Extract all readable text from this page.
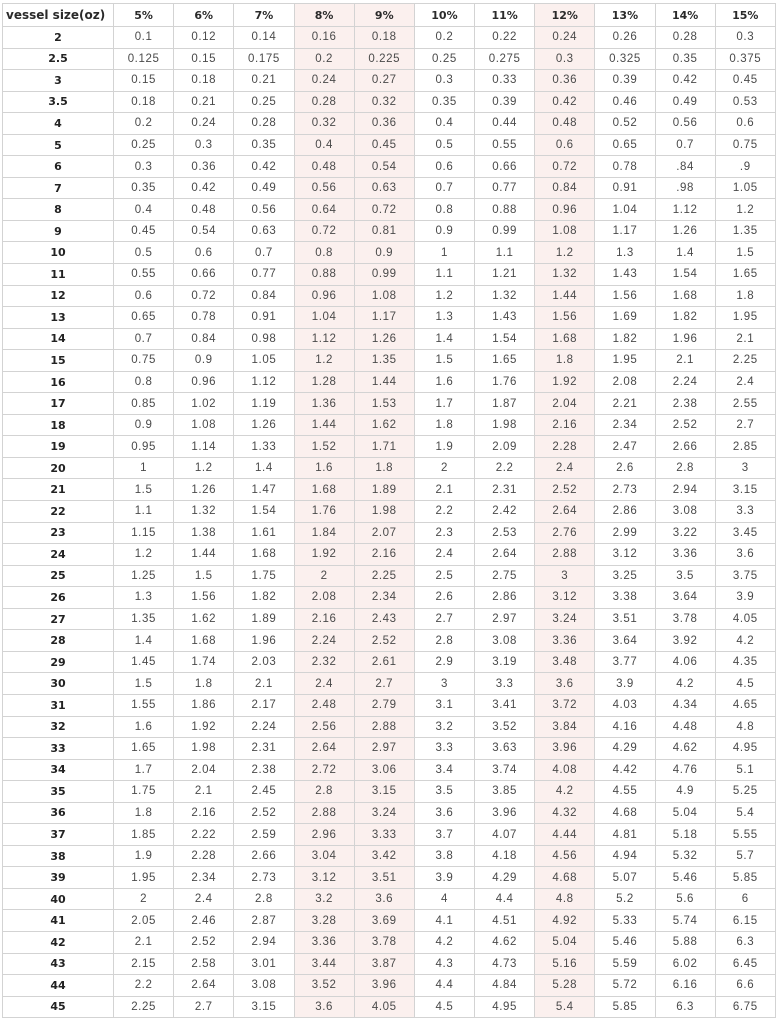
vessel size(oz)	5%	6%	7%	8%	9%	10%	11%	12%	13%	14%	15%
2	0.1	0.12	0.14	0.16	0.18	0.2	0.22	0.24	0.26	0.28	0.3
2.5	0.125	0.15	0.175	0.2	0.225	0.25	0.275	0.3	0.325	0.35	0.375
3	0.15	0.18	0.21	0.24	0.27	0.3	0.33	0.36	0.39	0.42	0.45
3.5	0.18	0.21	0.25	0.28	0.32	0.35	0.39	0.42	0.46	0.49	0.53
4	0.2	0.24	0.28	0.32	0.36	0.4	0.44	0.48	0.52	0.56	0.6
5	0.25	0.3	0.35	0.4	0.45	0.5	0.55	0.6	0.65	0.7	0.75
6	0.3	0.36	0.42	0.48	0.54	0.6	0.66	0.72	0.78	.84	.9
7	0.35	0.42	0.49	0.56	0.63	0.7	0.77	0.84	0.91	.98	1.05
8	0.4	0.48	0.56	0.64	0.72	0.8	0.88	0.96	1.04	1.12	1.2
9	0.45	0.54	0.63	0.72	0.81	0.9	0.99	1.08	1.17	1.26	1.35
10	0.5	0.6	0.7	0.8	0.9	1	1.1	1.2	1.3	1.4	1.5
11	0.55	0.66	0.77	0.88	0.99	1.1	1.21	1.32	1.43	1.54	1.65
12	0.6	0.72	0.84	0.96	1.08	1.2	1.32	1.44	1.56	1.68	1.8
13	0.65	0.78	0.91	1.04	1.17	1.3	1.43	1.56	1.69	1.82	1.95
14	0.7	0.84	0.98	1.12	1.26	1.4	1.54	1.68	1.82	1.96	2.1
15	0.75	0.9	1.05	1.2	1.35	1.5	1.65	1.8	1.95	2.1	2.25
16	0.8	0.96	1.12	1.28	1.44	1.6	1.76	1.92	2.08	2.24	2.4
17	0.85	1.02	1.19	1.36	1.53	1.7	1.87	2.04	2.21	2.38	2.55
18	0.9	1.08	1.26	1.44	1.62	1.8	1.98	2.16	2.34	2.52	2.7
19	0.95	1.14	1.33	1.52	1.71	1.9	2.09	2.28	2.47	2.66	2.85
20	1	1.2	1.4	1.6	1.8	2	2.2	2.4	2.6	2.8	3
21	1.5	1.26	1.47	1.68	1.89	2.1	2.31	2.52	2.73	2.94	3.15
22	1.1	1.32	1.54	1.76	1.98	2.2	2.42	2.64	2.86	3.08	3.3
23	1.15	1.38	1.61	1.84	2.07	2.3	2.53	2.76	2.99	3.22	3.45
24	1.2	1.44	1.68	1.92	2.16	2.4	2.64	2.88	3.12	3.36	3.6
25	1.25	1.5	1.75	2	2.25	2.5	2.75	3	3.25	3.5	3.75
26	1.3	1.56	1.82	2.08	2.34	2.6	2.86	3.12	3.38	3.64	3.9
27	1.35	1.62	1.89	2.16	2.43	2.7	2.97	3.24	3.51	3.78	4.05
28	1.4	1.68	1.96	2.24	2.52	2.8	3.08	3.36	3.64	3.92	4.2
29	1.45	1.74	2.03	2.32	2.61	2.9	3.19	3.48	3.77	4.06	4.35
30	1.5	1.8	2.1	2.4	2.7	3	3.3	3.6	3.9	4.2	4.5
31	1.55	1.86	2.17	2.48	2.79	3.1	3.41	3.72	4.03	4.34	4.65
32	1.6	1.92	2.24	2.56	2.88	3.2	3.52	3.84	4.16	4.48	4.8
33	1.65	1.98	2.31	2.64	2.97	3.3	3.63	3.96	4.29	4.62	4.95
34	1.7	2.04	2.38	2.72	3.06	3.4	3.74	4.08	4.42	4.76	5.1
35	1.75	2.1	2.45	2.8	3.15	3.5	3.85	4.2	4.55	4.9	5.25
36	1.8	2.16	2.52	2.88	3.24	3.6	3.96	4.32	4.68	5.04	5.4
37	1.85	2.22	2.59	2.96	3.33	3.7	4.07	4.44	4.81	5.18	5.55
38	1.9	2.28	2.66	3.04	3.42	3.8	4.18	4.56	4.94	5.32	5.7
39	1.95	2.34	2.73	3.12	3.51	3.9	4.29	4.68	5.07	5.46	5.85
40	2	2.4	2.8	3.2	3.6	4	4.4	4.8	5.2	5.6	6
41	2.05	2.46	2.87	3.28	3.69	4.1	4.51	4.92	5.33	5.74	6.15
42	2.1	2.52	2.94	3.36	3.78	4.2	4.62	5.04	5.46	5.88	6.3
43	2.15	2.58	3.01	3.44	3.87	4.3	4.73	5.16	5.59	6.02	6.45
44	2.2	2.64	3.08	3.52	3.96	4.4	4.84	5.28	5.72	6.16	6.6
45	2.25	2.7	3.15	3.6	4.05	4.5	4.95	5.4	5.85	6.3	6.75
